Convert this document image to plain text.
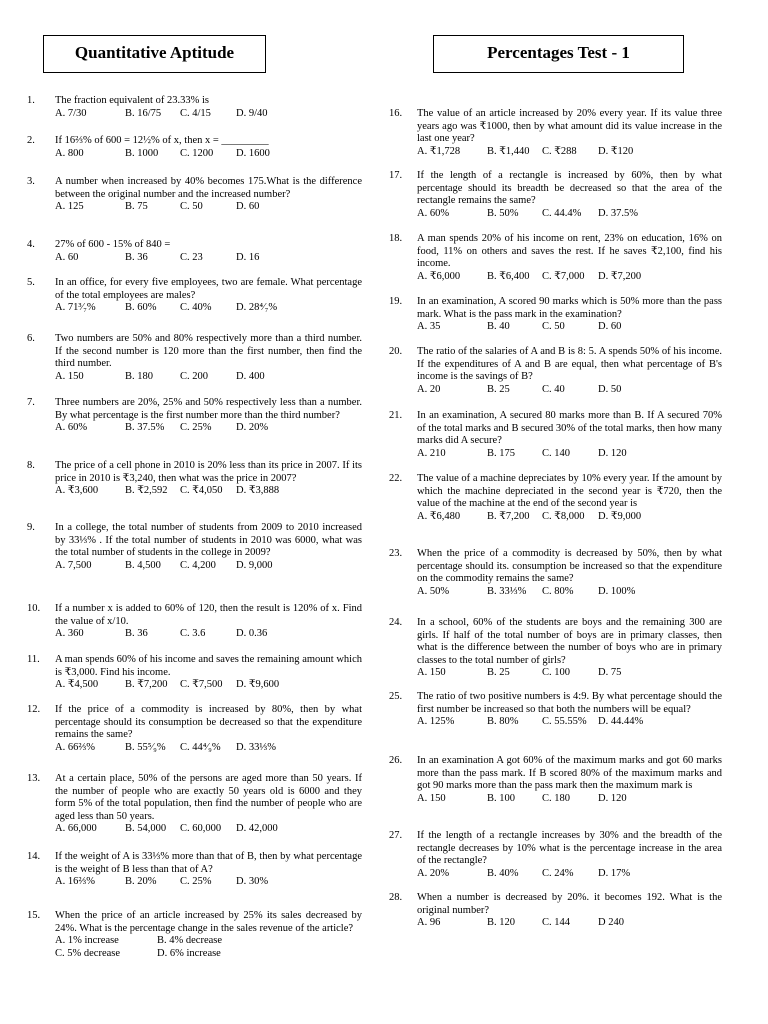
Quantitative Aptitude	Percentages Test - 1
1. The fraction equivalent of 23.33% is
A. 7/30	B. 16/75 C. 4/15 D. 9/40
2. If 16⅔% of 600 = 12½% of x, then x = _________
A. 800	B. 1000 C. 1200 D. 1600
3. A number when increased by 40% becomes 175.What is the difference between the original number and the increased number?
A. 125	B. 75	C. 50	D. 60
4. 27% of 600 - 15% of 840 =
A. 60	B. 36	C. 23	D. 16
5. In an office, for every five employees, two are female. What percentage of the total employees are males?
A. 71³⁄₇%	B. 60% C. 40% D. 28⁴⁄₇%
6. Two numbers are 50% and 80% respectively more than a third number. If the second number is 120 more than the first number, then find the third number.
A. 150	B. 180	C. 200	D. 400
7. Three numbers are 20%, 25% and 50% respectively less than a number. By what percentage is the first number more than the third number?
A. 60%	B. 37.5% C. 25% D. 20%
8. The price of a cell phone in 2010 is 20% less than its price in 2007. If its price in 2010 is ₹3,240, then what was the price in 2007?
A. ₹3,600	B. ₹2,592 C. ₹4,050 D. ₹3,888
9. In a college, the total number of students from 2009 to 2010 increased by 33⅓% . If the total number of students in 2010 was 6000, what was the total number of students in the college in 2009?
A. 7,500	B. 4,500 C. 4,200 D. 9,000
10. If a number x is added to 60% of 120, then the result is 120% of x. Find the value of x/10.
A. 360	B. 36	C. 3.6	D. 0.36
11. A man spends 60% of his income and saves the remaining amount which is ₹3,000. Find his income.
A. ₹4,500	B. ₹7,200 C. ₹7,500 D. ₹9,600
12. If the price of a commodity is increased by 80%, then by what percentage should its consumption be decreased so that the expenditure remains the same?
A. 66⅔%	B. 55⁵⁄₉% C. 44⁴⁄₉% D. 33⅓%
13. At a certain place, 50% of the persons are aged more than 50 years. If the number of people who are exactly 50 years old is 6000 and they form 5% of the total population, then find the number of people who are aged less than 50 years.
A. 66,000	B. 54,000 C. 60,000 D. 42,000
14. If the weight of A is 33⅓% more than that of B, then by what percentage is the weight of B less than that of A?
A. 16⅔%	B. 20% C. 25% D. 30%
15. When the price of an article increased by 25% its sales decreased by 24%. What is the percentage change in the sales revenue of the article?
A. 1% increase	B. 4% decrease
C. 5% decrease	D. 6% increase
16. The value of an article increased by 20% every year. If its value three years ago was ₹1000, then by what amount did its value increase in the last one year?
A. ₹1,728	B. ₹1,440 C. ₹288 D. ₹120
17. If the length of a rectangle is increased by 60%, then by what percentage should its breadth be decreased so that the area of the rectangle remains the same?
A. 60%	B. 50% C. 44.4% D. 37.5%
18. A man spends 20% of his income on rent, 23% on education, 16% on food, 11% on others and saves the rest. If he saves ₹2,100, find his income.
A. ₹6,000	B. ₹6,400 C. ₹7,000 D. ₹7,200
19. In an examination, A scored 90 marks which is 50% more than the pass mark. What is the pass mark in the examination?
A. 35	B. 40	C. 50	D. 60
20. The ratio of the salaries of A and B is 8: 5. A spends 50% of his income. If the expenditures of A and B are equal, then what percentage of B's income is the savings of B?
A. 20	B. 25	C. 40	D. 50
21. In an examination, A secured 80 marks more than B. If A secured 70% of the total marks and B secured 30% of the total marks, then how many marks did A secure?
A. 210	B. 175	C. 140	D. 120
22. The value of a machine depreciates by 10% every year. If the amount by which the machine depreciated in the second year is ₹720, then the value of the machine at the end of the second year is
A. ₹6,480	B. ₹7,200 C. ₹8,000 D. ₹9,000
23. When the price of a commodity is decreased by 50%, then by what percentage should its. consumption be increased so that the expenditure on the commodity remains the same?
A. 50%	B. 33⅓% C. 80% D. 100%
24. In a school, 60% of the students are boys and the remaining 300 are girls. If half of the total number of boys are in primary classes, then what is the difference between the number of boys who are in primary classes to the total number of girls?
A. 150	B. 25	C. 100	D. 75
25. The ratio of two positive numbers is 4:9. By what percentage should the first number be increased so that both the numbers will be equal?
A. 125%	B. 80% C. 55.55% D. 44.44%
26. In an examination A got 60% of the maximum marks and got 60 marks more than the pass mark. If B scored 80% of the maximum marks and got 90 marks more than the pass mark then the maximum mark is
A. 150	B. 100	C. 180	D. 120
27. If the length of a rectangle increases by 30% and the breadth of the rectangle decreases by 10% what is the percentage increase in the area of the rectangle?
A. 20%	B. 40% C. 24% D. 17%
28. When a number is decreased by 20%. it becomes 192. What is the original number?
A. 96	B. 120	C. 144	D 240
